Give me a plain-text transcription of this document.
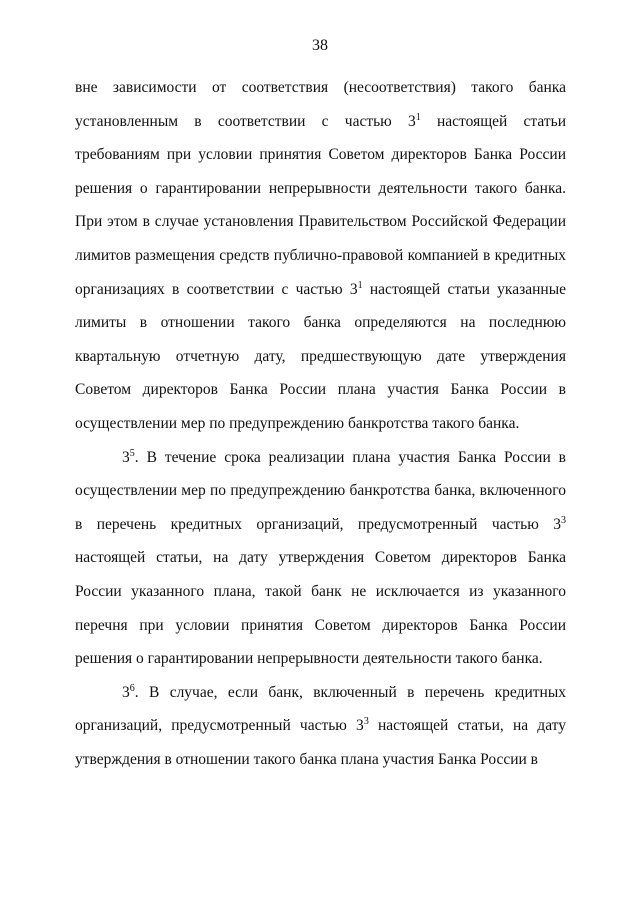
38

вне зависимости от соответствия (несоответствия) такого банка установленным в соответствии с частью $3^1$ настоящей статьи требованиям при условии принятия Советом директоров Банка России решения о гарантировании непрерывности деятельности такого банка. При этом в случае установления Правительством Российской Федерации лимитов размещения средств публично-правовой компанией в кредитных организациях в соответствии с частью $3^1$ настоящей статьи указанные лимиты в отношении такого банка определяются на последнюю квартальную отчетную дату, предшествующую дате утверждения Советом директоров Банка России плана участия Банка России в осуществлении мер по предупреждению банкротства такого банка.

$3^5$. В течение срока реализации плана участия Банка России в осуществлении мер по предупреждению банкротства банка, включенного в перечень кредитных организаций, предусмотренный частью $3^3$ настоящей статьи, на дату утверждения Советом директоров Банка России указанного плана, такой банк не исключается из указанного перечня при условии принятия Советом директоров Банка России решения о гарантировании непрерывности деятельности такого банка.

$3^6$. В случае, если банк, включенный в перечень кредитных организаций, предусмотренный частью $3^3$ настоящей статьи, на дату утверждения в отношении такого банка плана участия Банка России в
